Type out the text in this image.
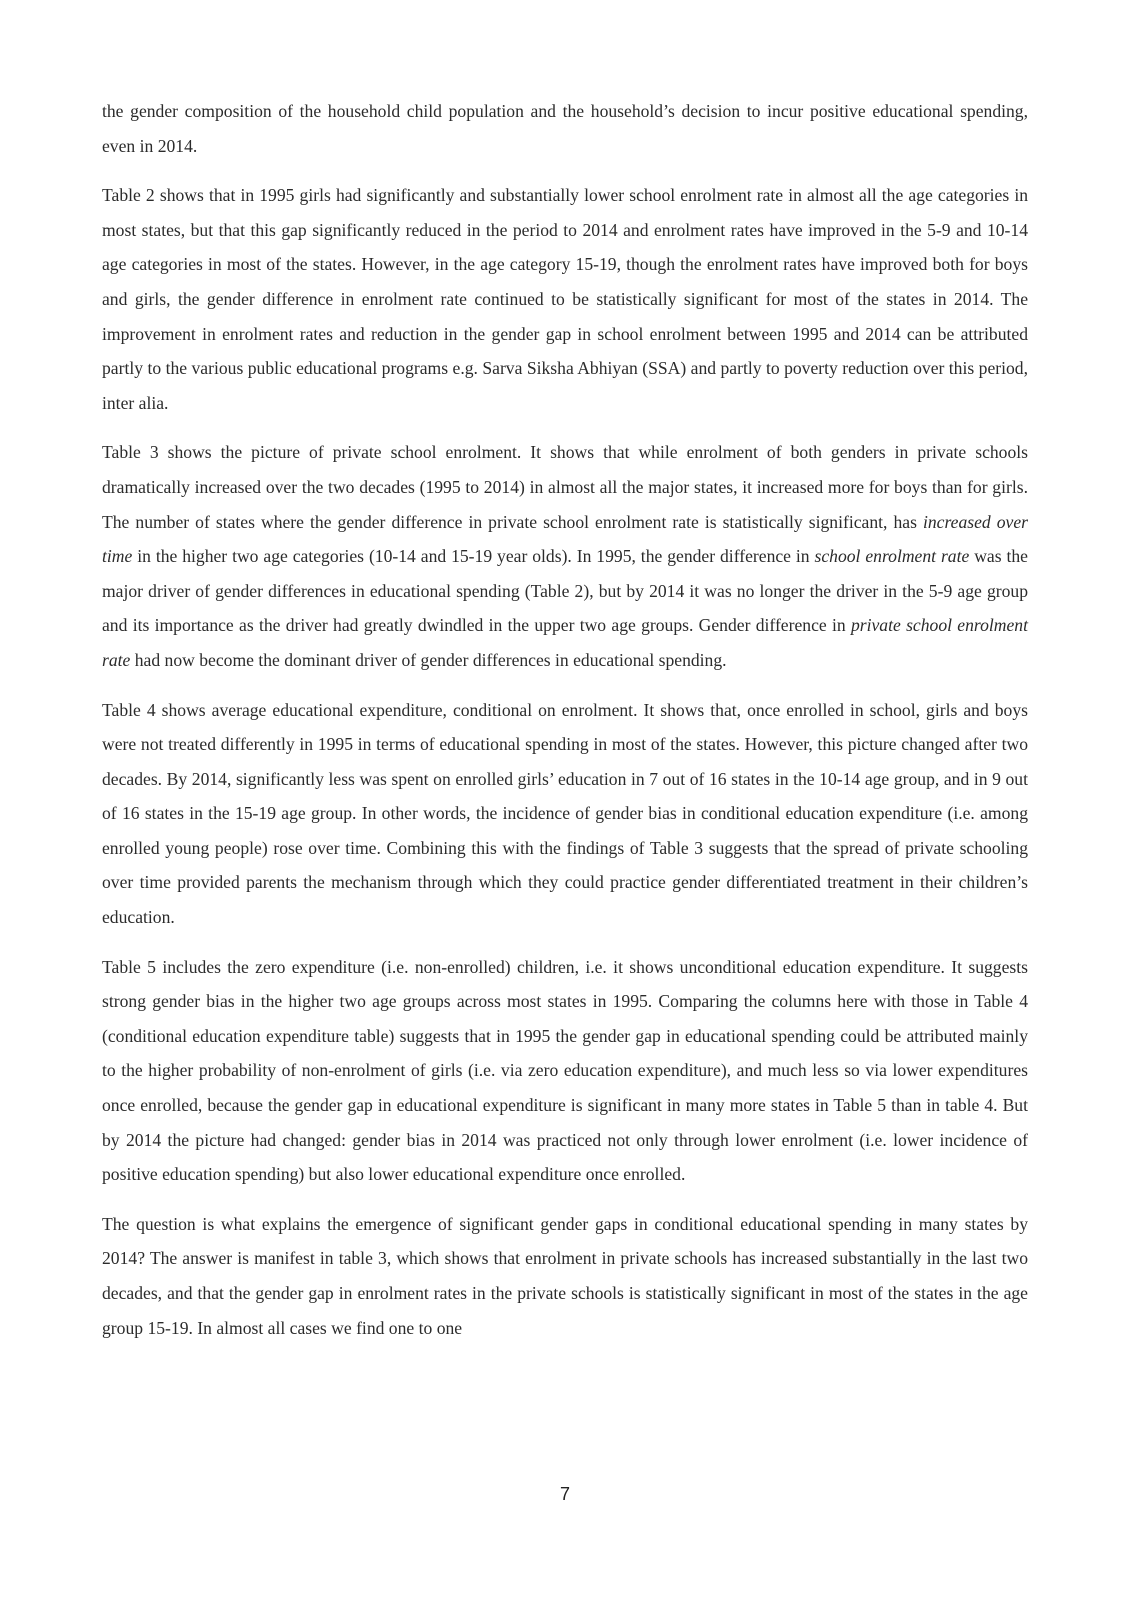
the gender composition of the household child population and the household’s decision to incur positive educational spending, even in 2014.

Table 2 shows that in 1995 girls had significantly and substantially lower school enrolment rate in almost all the age categories in most states, but that this gap significantly reduced in the period to 2014 and enrolment rates have improved in the 5-9 and 10-14 age categories in most of the states. However, in the age category 15-19, though the enrolment rates have improved both for boys and girls, the gender difference in enrolment rate continued to be statistically significant for most of the states in 2014. The improvement in enrolment rates and reduction in the gender gap in school enrolment between 1995 and 2014 can be attributed partly to the various public educational programs e.g. Sarva Siksha Abhiyan (SSA) and partly to poverty reduction over this period, inter alia.

Table 3 shows the picture of private school enrolment. It shows that while enrolment of both genders in private schools dramatically increased over the two decades (1995 to 2014) in almost all the major states, it increased more for boys than for girls. The number of states where the gender difference in private school enrolment rate is statistically significant, has increased over time in the higher two age categories (10-14 and 15-19 year olds). In 1995, the gender difference in school enrolment rate was the major driver of gender differences in educational spending (Table 2), but by 2014 it was no longer the driver in the 5-9 age group and its importance as the driver had greatly dwindled in the upper two age groups. Gender difference in private school enrolment rate had now become the dominant driver of gender differences in educational spending.

Table 4 shows average educational expenditure, conditional on enrolment. It shows that, once enrolled in school, girls and boys were not treated differently in 1995 in terms of educational spending in most of the states. However, this picture changed after two decades. By 2014, significantly less was spent on enrolled girls’ education in 7 out of 16 states in the 10-14 age group, and in 9 out of 16 states in the 15-19 age group. In other words, the incidence of gender bias in conditional education expenditure (i.e. among enrolled young people) rose over time. Combining this with the findings of Table 3 suggests that the spread of private schooling over time provided parents the mechanism through which they could practice gender differentiated treatment in their children’s education.

Table 5 includes the zero expenditure (i.e. non-enrolled) children, i.e. it shows unconditional education expenditure. It suggests strong gender bias in the higher two age groups across most states in 1995. Comparing the columns here with those in Table 4 (conditional education expenditure table) suggests that in 1995 the gender gap in educational spending could be attributed mainly to the higher probability of non-enrolment of girls (i.e. via zero education expenditure), and much less so via lower expenditures once enrolled, because the gender gap in educational expenditure is significant in many more states in Table 5 than in table 4. But by 2014 the picture had changed: gender bias in 2014 was practiced not only through lower enrolment (i.e. lower incidence of positive education spending) but also lower educational expenditure once enrolled.

The question is what explains the emergence of significant gender gaps in conditional educational spending in many states by 2014? The answer is manifest in table 3, which shows that enrolment in private schools has increased substantially in the last two decades, and that the gender gap in enrolment rates in the private schools is statistically significant in most of the states in the age group 15-19. In almost all cases we find one to one

7
